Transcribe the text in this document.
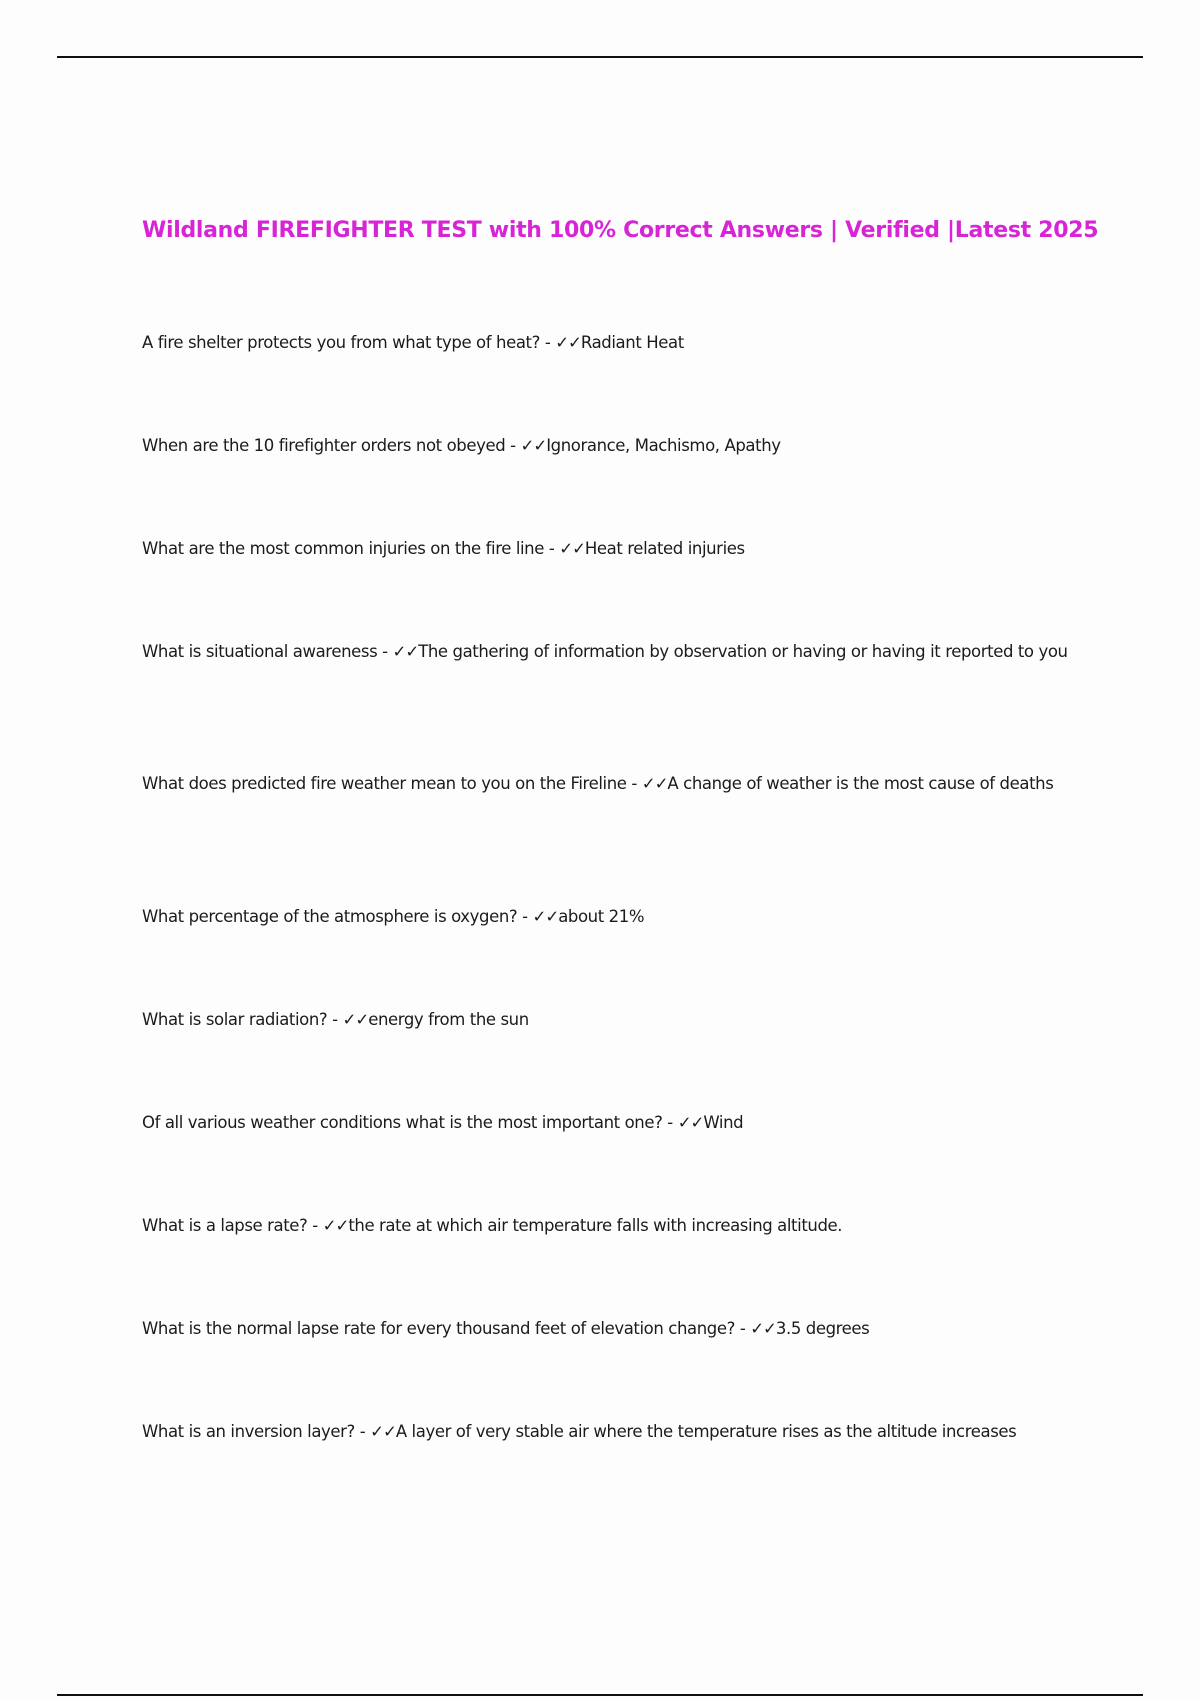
Wildland FIREFIGHTER TEST with 100% Correct Answers | Verified |Latest 2025

A fire shelter protects you from what type of heat? - ✓✓Radiant Heat

When are the 10 firefighter orders not obeyed - ✓✓Ignorance, Machismo, Apathy

What are the most common injuries on the fire line - ✓✓Heat related injuries

What is situational awareness - ✓✓The gathering of information by observation or having or having it reported to you

What does predicted fire weather mean to you on the Fireline - ✓✓A change of weather is the most cause of deaths

What percentage of the atmosphere is oxygen? - ✓✓about 21%

What is solar radiation? - ✓✓energy from the sun

Of all various weather conditions what is the most important one? - ✓✓Wind

What is a lapse rate? - ✓✓the rate at which air temperature falls with increasing altitude.

What is the normal lapse rate for every thousand feet of elevation change? - ✓✓3.5 degrees

What is an inversion layer? - ✓✓A layer of very stable air where the temperature rises as the altitude increases
